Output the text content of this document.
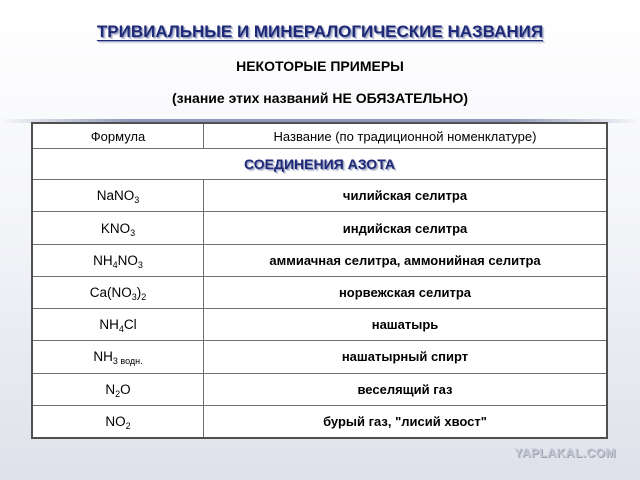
ТРИВИАЛЬНЫЕ И МИНЕРАЛОГИЧЕСКИЕ НАЗВАНИЯ
НЕКОТОРЫЕ ПРИМЕРЫ
(знание этих названий НЕ ОБЯЗАТЕЛЬНО)
Формула	Название (по традиционной номенклатуре)
СОЕДИНЕНИЯ АЗОТА	
NaNO$_3$	чилийская селитра
$KNO_3$	индийская селитра
$NH_4NO_3$	аммиачная селитра, аммонийная селитра
$Ca(NO_3)_2$	норвежская селитра
$NH_4Cl$	нашатырь
$NH_{3 водн.}$	нашатырный спирт
$N_2O$	веселящий газ
$NO_2$	бурый газ, "лисий хвост"
YAPLAKAL.COM
